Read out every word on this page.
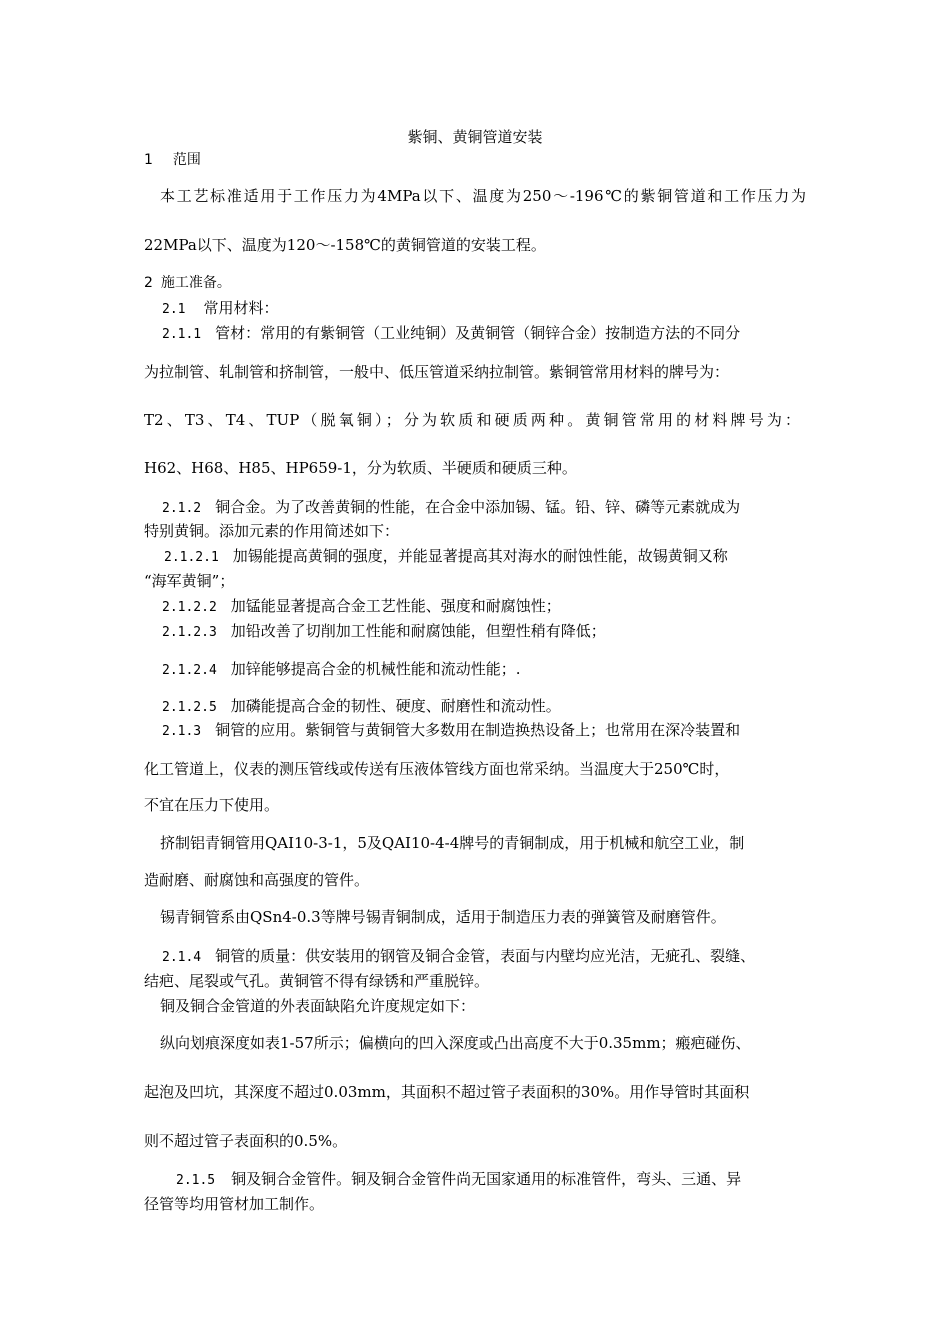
紫铜、黄铜管道安装

1 范围

本工艺标准适用于工作压力为4MPa以下、温度为250～-196℃的紫铜管道和工作压力为

22MPa以下、温度为120～-158℃的黄铜管道的安装工程。

2 施工准备。

2.1 常用材料：

2.1.1 管材：常用的有紫铜管（工业纯铜）及黄铜管（铜锌合金）按制造方法的不同分

为拉制管、轧制管和挤制管，一般中、低压管道采纳拉制管。紫铜管常用材料的牌号为：

T2、T3、T4、TUP（脱氧铜）；分为软质和硬质两种。黄铜管常用的材料牌号为：

H62、H68、H85、HP659-1，分为软质、半硬质和硬质三种。

2.1.2 铜合金。为了改善黄铜的性能，在合金中添加锡、锰。铅、锌、磷等元素就成为

特别黄铜。添加元素的作用简述如下：

2.1.2.1 加锡能提高黄铜的强度，并能显著提高其对海水的耐蚀性能，故锡黄铜又称

“海军黄铜”；

2.1.2.2 加锰能显著提高合金工艺性能、强度和耐腐蚀性；

2.1.2.3 加铅改善了切削加工性能和耐腐蚀能，但塑性稍有降低；

2.1.2.4 加锌能够提高合金的机械性能和流动性能；.

2.1.2.5 加磷能提高合金的韧性、硬度、耐磨性和流动性。

2.1.3 铜管的应用。紫铜管与黄铜管大多数用在制造换热设备上；也常用在深冷装置和

化工管道上，仪表的测压管线或传送有压液体管线方面也常采纳。当温度大于250℃时，

不宜在压力下使用。

挤制铝青铜管用QAI10-3-1，5及QAI10-4-4牌号的青铜制成，用于机械和航空工业，制

造耐磨、耐腐蚀和高强度的管件。

锡青铜管系由QSn4-0.3等牌号锡青铜制成，适用于制造压力表的弹簧管及耐磨管件。

2.1.4 铜管的质量：供安装用的钢管及铜合金管，表面与内壁均应光洁，无疵孔、裂缝、

结疤、尾裂或气孔。黄铜管不得有绿锈和严重脱锌。

铜及铜合金管道的外表面缺陷允许度规定如下：

纵向划痕深度如表1-57所示；偏横向的凹入深度或凸出高度不大于0.35mm；瘢疤碰伤、

起泡及凹坑，其深度不超过0.03mm，其面积不超过管子表面积的30%。用作导管时其面积

则不超过管子表面积的0.5%。

2.1.5 铜及铜合金管件。铜及铜合金管件尚无国家通用的标准管件，弯头、三通、异

径管等均用管材加工制作。
